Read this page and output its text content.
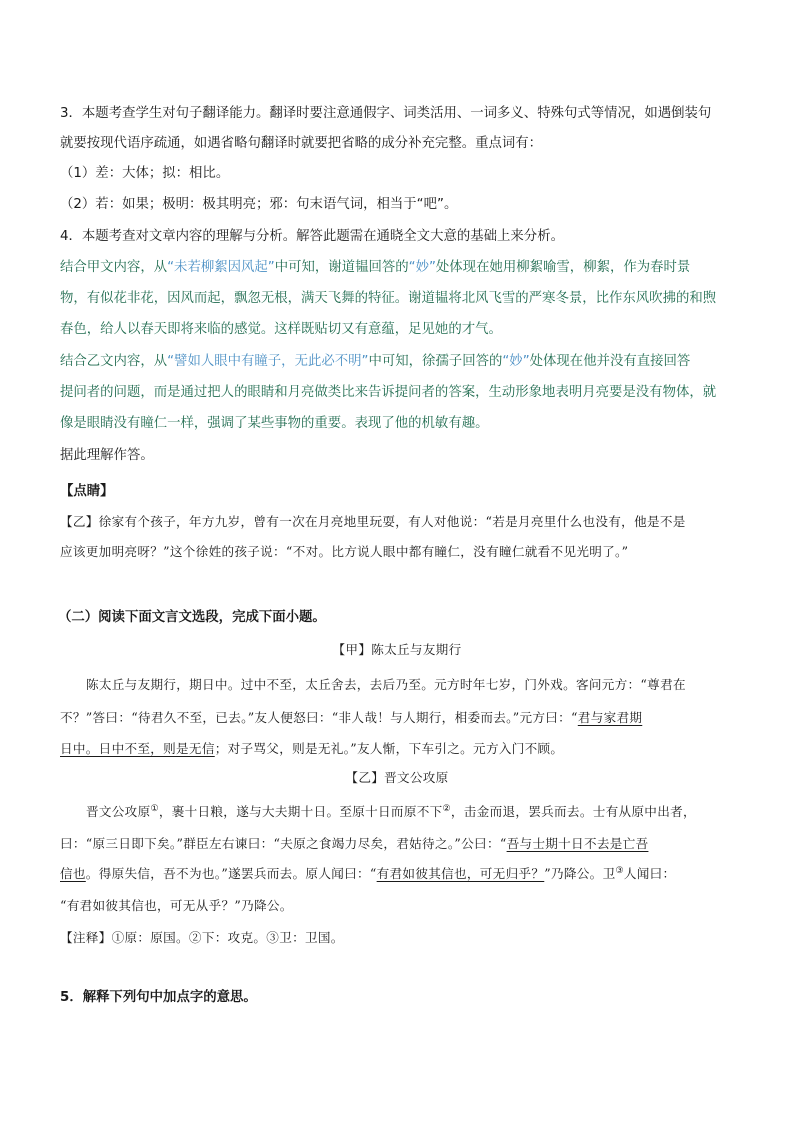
3．本题考查学生对句子翻译能力。翻译时要注意通假字、词类活用、一词多义、特殊句式等情况，如遇倒装句
就要按现代语序疏通，如遇省略句翻译时就要把省略的成分补充完整。重点词有：
（1）差：大体；拟：相比。
（2）若：如果；极明：极其明亮；邪：句末语气词，相当于“吧”。
4．本题考查对文章内容的理解与分析。解答此题需在通晓全文大意的基础上来分析。
结合甲文内容，从“未若柳絮因风起”中可知，谢道韫回答的“妙”处体现在她用柳絮喻雪，柳絮，作为春时景
物，有似花非花，因风而起，飘忽无根，满天飞舞的特征。谢道韫将北风飞雪的严寒冬景，比作东风吹拂的和煦
春色，给人以春天即将来临的感觉。这样既贴切又有意蕴，足见她的才气。
结合乙文内容，从“譬如人眼中有瞳子，无此必不明”中可知，徐孺子回答的“妙”处体现在他并没有直接回答
提问者的问题，而是通过把人的眼睛和月亮做类比来告诉提问者的答案，生动形象地表明月亮要是没有物体，就
像是眼睛没有瞳仁一样，强调了某些事物的重要。表现了他的机敏有趣。
据此理解作答。
【点睛】
【乙】徐家有个孩子，年方九岁，曾有一次在月亮地里玩耍，有人对他说：“若是月亮里什么也没有，他是不是
应该更加明亮呀？”这个徐姓的孩子说：“不对。比方说人眼中都有瞳仁，没有瞳仁就看不见光明了。”
（二）阅读下面文言文选段，完成下面小题。
【甲】陈太丘与友期行
陈太丘与友期行，期日中。过中不至，太丘舍去，去后乃至。元方时年七岁，门外戏。客问元方：“尊君在
不？”答曰：“待君久不至，已去。”友人便怒曰：“非人哉！与人期行，相委而去。”元方曰：“君与家君期
日中。日中不至，则是无信；对子骂父，则是无礼。”友人惭，下车引之。元方入门不顾。
【乙】晋文公攻原
晋文公攻原①，裹十日粮，遂与大夫期十日。至原十日而原不下②，击金而退，罢兵而去。士有从原中出者，
曰：“原三日即下矣。”群臣左右谏曰：“夫原之食竭力尽矣，君姑待之。”公曰：“吾与士期十日不去是亡吾
信也。得原失信，吾不为也。”遂罢兵而去。原人闻曰：“有君如彼其信也，可无归乎？”乃降公。卫③人闻曰：
“有君如彼其信也，可无从乎？”乃降公。
【注释】①原：原国。②下：攻克。③卫：卫国。
5．解释下列句中加点字的意思。
